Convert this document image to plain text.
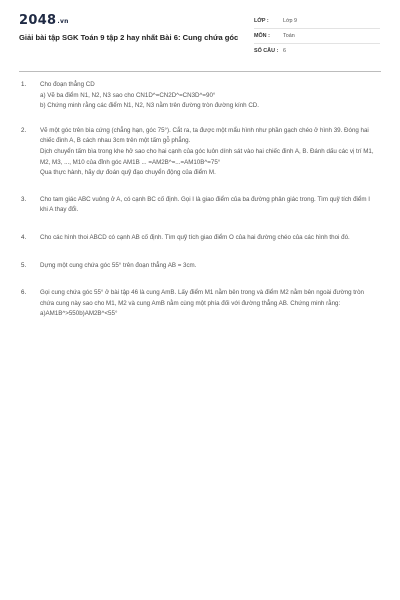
2048.vn
Giải bài tập SGK Toán 9 tập 2 hay nhất Bài 6: Cung chứa góc
LỚP :	Lớp 9
MÔN :	Toán
SỐ CÂU : 6
1.	Cho đoạn thẳng CD

a) Vẽ ba điểm N1, N2, N3 sao cho CN1D^=CN2D^=CN3D^=90°

b) Chứng minh rằng các điểm N1, N2, N3 nằm trên đường tròn đường kính CD.

2.	Vẽ một góc trên bìa cứng (chẳng hạn, góc 75°). Cắt ra, ta được một mẩu hình như phần gạch chéo ở hình 39. Đóng hai chiếc đinh A, B cách nhau 3cm trên một tấm gỗ phẳng.

Dịch chuyển tấm bìa trong khe hở sao cho hai cạnh của góc luôn dính sát vào hai chiếc đinh A, B. Đánh dấu các vị trí M1, M2, M3, ..., M10 của đỉnh góc AM1B ... =AM2B^=...=AM10B^=75°

Qua thực hành, hãy dự đoán quỹ đạo chuyển động của điểm M.

3.	Cho tam giác ABC vuông ở A, có cạnh BC cố định. Gọi I là giao điểm của ba đường phân giác trong. Tìm quỹ tích điểm I khi A thay đổi.

4.	Cho các hình thoi ABCD có cạnh AB cố định. Tìm quỹ tích giao điểm O của hai đường chéo của các hình thoi đó.

5.	Dựng một cung chứa góc 55° trên đoạn thẳng AB = 3cm.

6.	Gọi cung chứa góc 55° ở bài tập 46 là cung AmB. Lấy điểm M1 nằm bên trong và điểm M2 nằm bên ngoài đường tròn chứa cung này sao cho M1, M2 và cung AmB nằm cùng một phía đối với đường thẳng AB. Chứng minh rằng:

a)AM1B^>550b)AM2B^<55°
